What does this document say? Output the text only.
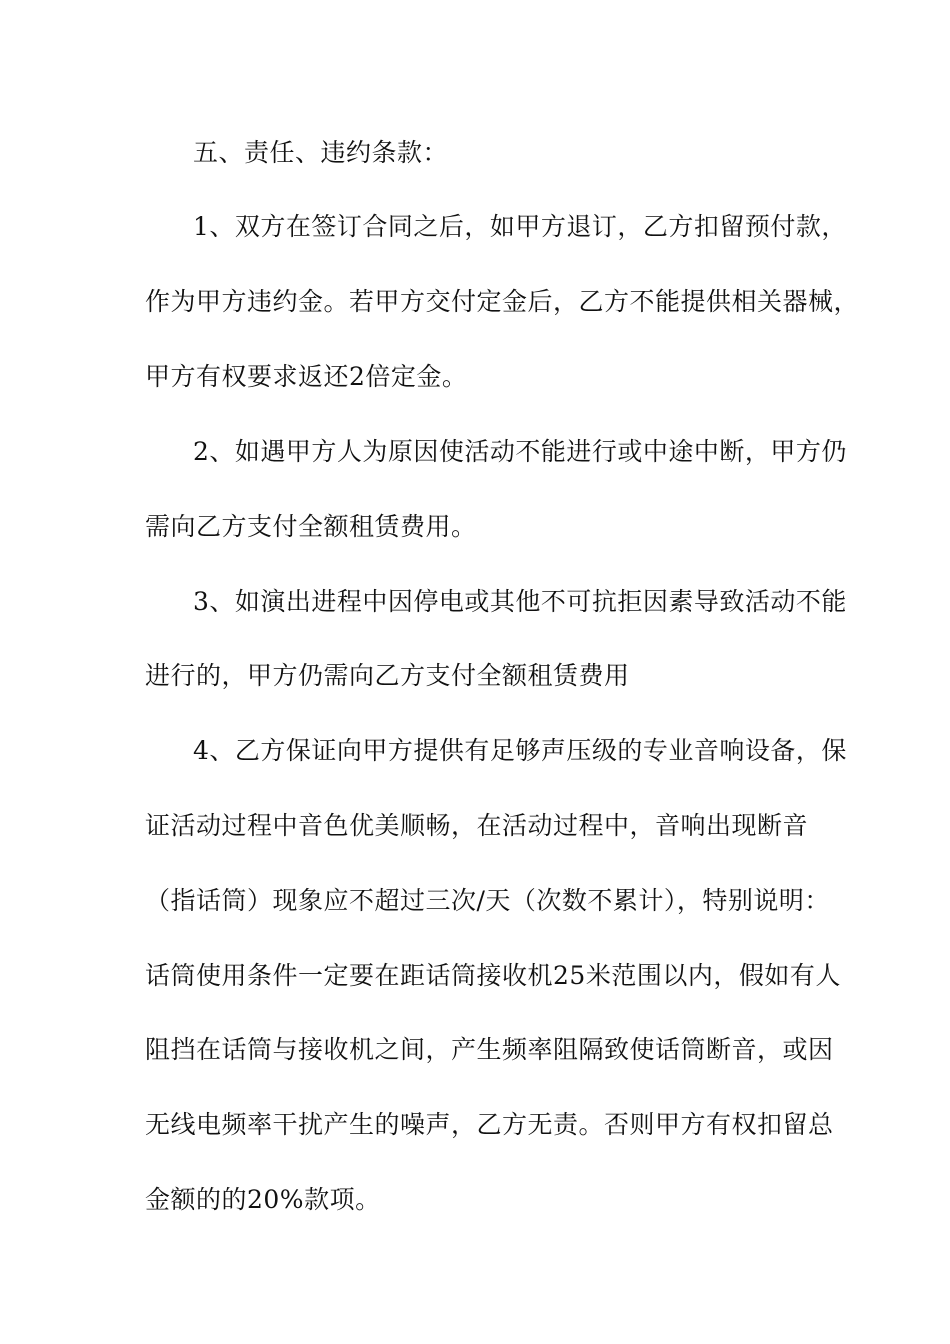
五、责任、违约条款：
1、双方在签订合同之后，如甲方退订，乙方扣留预付款，
作为甲方违约金。若甲方交付定金后，乙方不能提供相关器械，
甲方有权要求返还2倍定金。
2、如遇甲方人为原因使活动不能进行或中途中断，甲方仍
需向乙方支付全额租赁费用。
3、如演出进程中因停电或其他不可抗拒因素导致活动不能
进行的，甲方仍需向乙方支付全额租赁费用
4、乙方保证向甲方提供有足够声压级的专业音响设备，保
证活动过程中音色优美顺畅，在活动过程中，音响出现断音
（指话筒）现象应不超过三次/天（次数不累计），特别说明：
话筒使用条件一定要在距话筒接收机25米范围以内，假如有人
阻挡在话筒与接收机之间，产生频率阻隔致使话筒断音，或因
无线电频率干扰产生的噪声，乙方无责。否则甲方有权扣留总
金额的的20%款项。
